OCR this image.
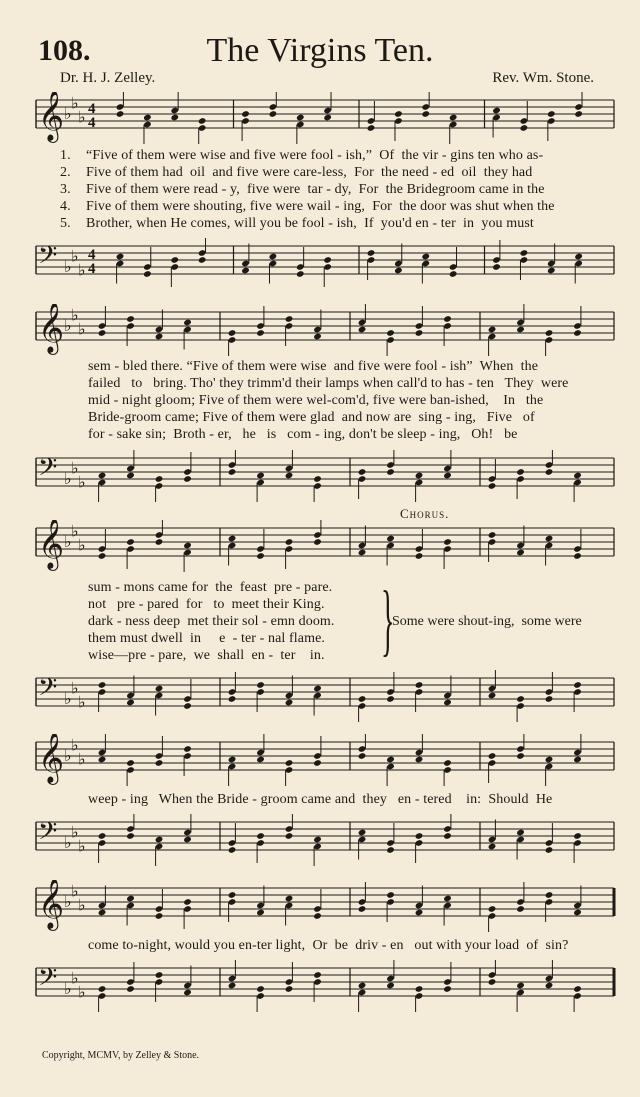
108.	The Virgins Ten.
Dr. H. J. Zelley.	Rev. Wm. Stone.
𝄞 ♭
♭
♭ 4
4
1. “Five of them were wise and five were fool - ish,”  Of  the vir - gins ten who as-
2. Five of them had  oil  and five were care-less,  For  the need - ed  oil  they had
3. Five of them were read - y,  five were  tar - dy,  For  the Bridegroom came in the
4. Five of them were shouting, five were wail - ing,  For  the door was shut when the
5. Brother, when He comes, will you be fool - ish,  If  you'd en - ter  in  you must
𝄢 ♭
♭
♭
4
4
𝄞 ♭
♭
♭
sem - bled there. “Five of them were wise  and five were fool - ish”  When  the
failed   to   bring. Tho' they trimm'd their lamps when call'd to has - ten   They  were
mid - night gloom; Five of them were wel-com'd, five were ban-ished,    In   the
Bride-groom came; Five of them were glad  and now are  sing - ing,   Five   of
for - sake sin;  Broth - er,   he   is   com - ing, don't be sleep - ing,   Oh!   be
𝄢 ♭
♭
♭
Chorus.
𝄞 ♭
♭
♭
sum - mons came for  the  feast  pre - pare.
not   pre - pared  for   to  meet their King.
dark - ness deep  met their sol - emn doom.
them must dwell  in     e  - ter - nal flame.
wise—pre - pare,  we  shall  en -  ter    in. }
Some were shout-ing,  some were
𝄢 ♭
♭
♭
𝄞 ♭
♭
♭
weep - ing   When the Bride - groom came and  they   en - tered    in:  Should  He
𝄢 ♭
♭
♭
𝄞 ♭
♭
♭
come to-night, would you en-ter light,  Or  be  driv - en   out with your load  of  sin?
𝄢 ♭
♭
♭
Copyright, MCMV, by Zelley & Stone.
